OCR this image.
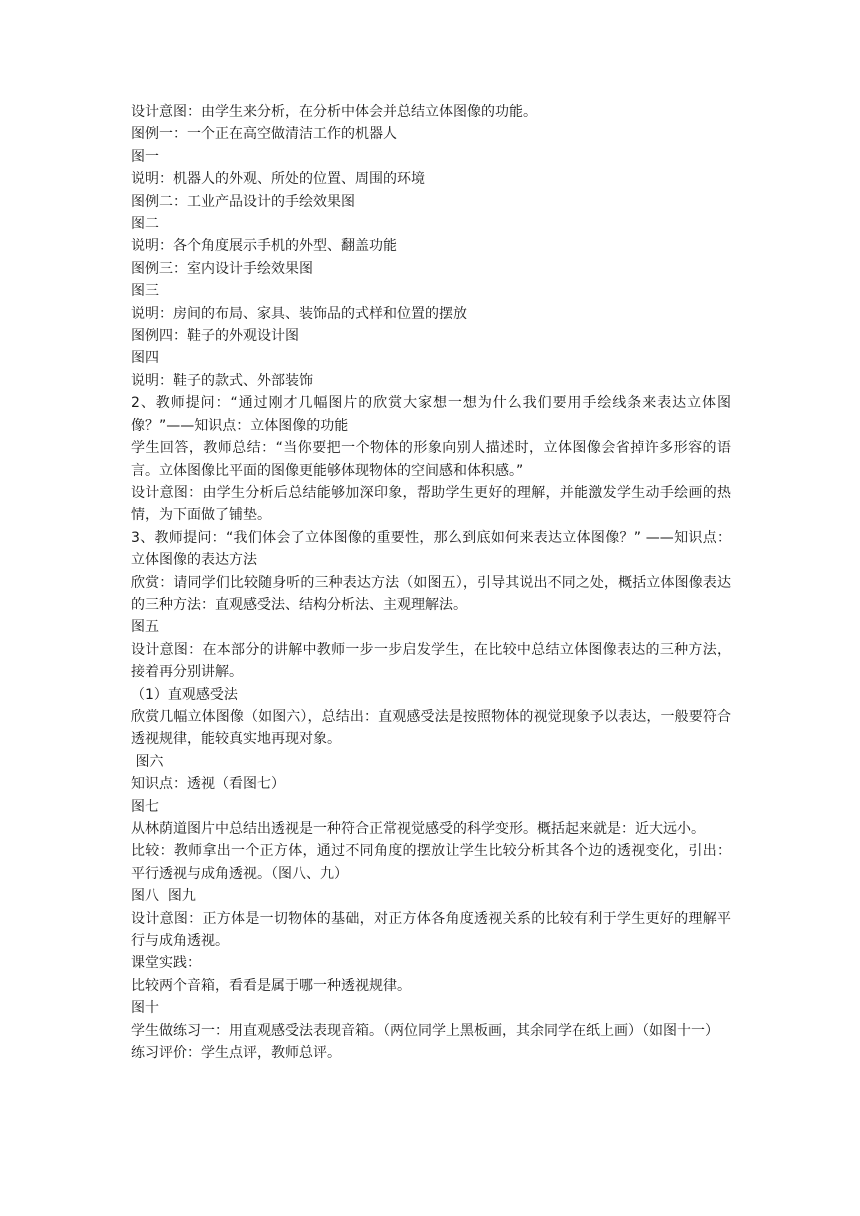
设计意图：由学生来分析，在分析中体会并总结立体图像的功能。

图例一：一个正在高空做清洁工作的机器人

图一

说明：机器人的外观、所处的位置、周围的环境

图例二：工业产品设计的手绘效果图

图二

说明：各个角度展示手机的外型、翻盖功能

图例三：室内设计手绘效果图

图三

说明：房间的布局、家具、装饰品的式样和位置的摆放

图例四：鞋子的外观设计图

图四

说明：鞋子的款式、外部装饰

2、教师提问：“通过刚才几幅图片的欣赏大家想一想为什么我们要用手绘线条来表达立体图像？”——知识点：立体图像的功能

学生回答，教师总结：“当你要把一个物体的形象向别人描述时，立体图像会省掉许多形容的语言。立体图像比平面的图像更能够体现物体的空间感和体积感。”

设计意图：由学生分析后总结能够加深印象，帮助学生更好的理解，并能激发学生动手绘画的热情，为下面做了铺垫。

3、教师提问：“我们体会了立体图像的重要性，那么到底如何来表达立体图像？” ——知识点：立体图像的表达方法

欣赏：请同学们比较随身听的三种表达方法（如图五），引导其说出不同之处，概括立体图像表达的三种方法：直观感受法、结构分析法、主观理解法。

图五

设计意图：在本部分的讲解中教师一步一步启发学生，在比较中总结立体图像表达的三种方法，接着再分别讲解。

（1）直观感受法

欣赏几幅立体图像（如图六），总结出：直观感受法是按照物体的视觉现象予以表达，一般要符合透视规律，能较真实地再现对象。

图六

知识点：透视（看图七）

图七

从林荫道图片中总结出透视是一种符合正常视觉感受的科学变形。概括起来就是：近大远小。

比较：教师拿出一个正方体，通过不同角度的摆放让学生比较分析其各个边的透视变化，引出：平行透视与成角透视。（图八、九）

图八  图九

设计意图：正方体是一切物体的基础，对正方体各角度透视关系的比较有利于学生更好的理解平行与成角透视。

课堂实践：

比较两个音箱，看看是属于哪一种透视规律。

图十

学生做练习一：用直观感受法表现音箱。（两位同学上黑板画，其余同学在纸上画）（如图十一）

练习评价：学生点评，教师总评。
